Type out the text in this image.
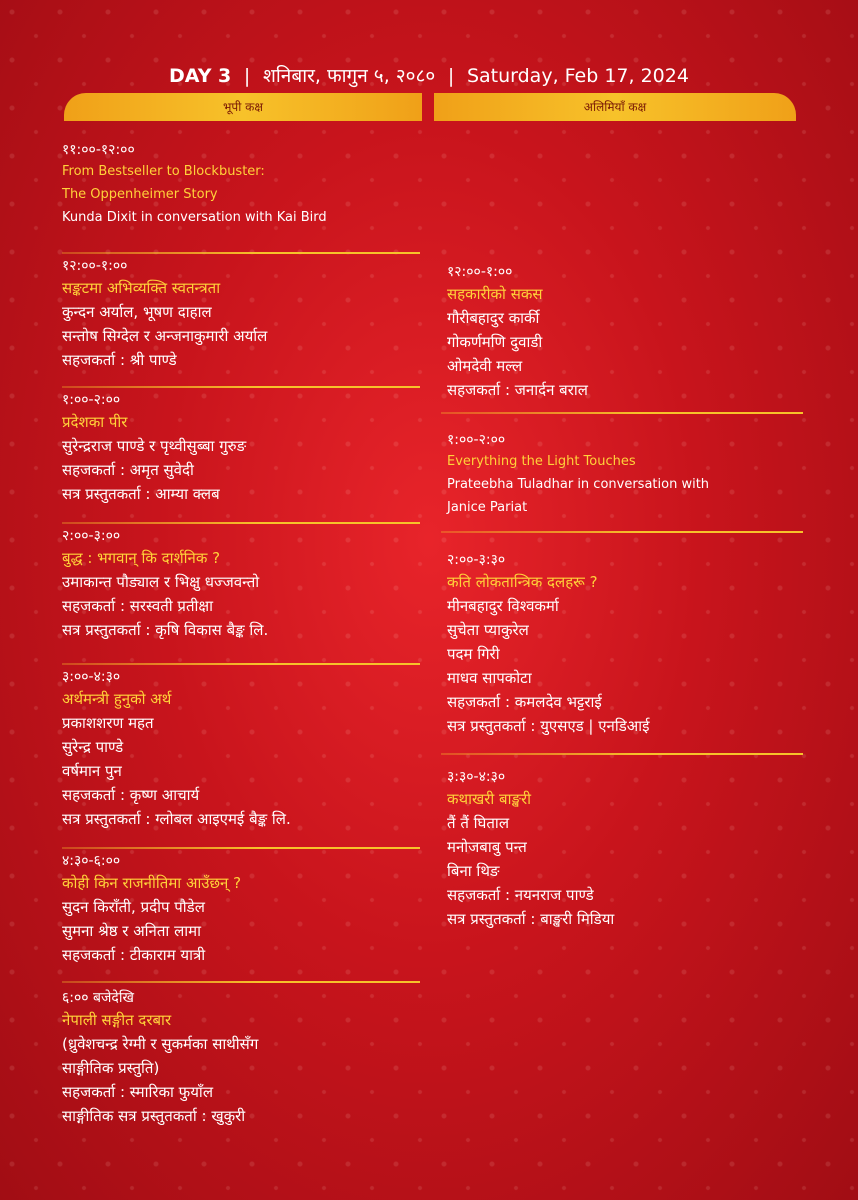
DAY 3 | शनिबार, फागुन ५, २०८० | Saturday, Feb 17, 2024
भूपी कक्ष	अलिमियाँ कक्ष
११:००-१२:००
From Bestseller to Blockbuster:
The Oppenheimer Story
Kunda Dixit in conversation with Kai Bird
१२:००-१:००
सङ्कटमा अभिव्यक्ति स्वतन्त्रता
कुन्दन अर्याल, भूषण दाहाल
सन्तोष सिग्देल र अन्जनाकुमारी अर्याल
सहजकर्ता : श्री पाण्डे
१:००-२:००
प्रदेशका पीर
सुरेन्द्रराज पाण्डे र पृथ्वीसुब्बा गुरुङ
सहजकर्ता : अमृत सुवेदी
सत्र प्रस्तुतकर्ता : आम्या क्लब
२:००-३:००
बुद्ध : भगवान् कि दार्शनिक ?
उमाकान्त पौड्याल र भिक्षु धज्जवन्तो
सहजकर्ता : सरस्वती प्रतीक्षा
सत्र प्रस्तुतकर्ता : कृषि विकास बैङ्क लि.
३:००-४:३०
अर्थमन्त्री हुनुको अर्थ
प्रकाशशरण महत
सुरेन्द्र पाण्डे
वर्षमान पुन
सहजकर्ता : कृष्ण आचार्य
सत्र प्रस्तुतकर्ता : ग्लोबल आइएमई बैङ्क लि.
४:३०-६:००
कोही किन राजनीतिमा आउँछन् ?
सुदन किराँती, प्रदीप पौडेल
सुमना श्रेष्ठ र अनिता लामा
सहजकर्ता : टीकाराम यात्री
६:०० बजेदेखि
नेपाली सङ्गीत दरबार
(ध्रुवेशचन्द्र रेग्मी र सुकर्मका साथीसँग
साङ्गीतिक प्रस्तुति)
सहजकर्ता : स्मारिका फुयाँल
साङ्गीतिक सत्र प्रस्तुतकर्ता : खुकुरी
१२:००-१:००
सहकारीको सकस
गौरीबहादुर कार्की
गोकर्णमणि दुवाडी
ओमदेवी मल्ल
सहजकर्ता : जनार्दन बराल
१:००-२:००
Everything the Light Touches
Prateebha Tuladhar in conversation with
Janice Pariat
२:००-३:३०
कति लोकतान्त्रिक दलहरू ?
मीनबहादुर विश्वकर्मा
सुचेता प्याकुरेल
पदम गिरी
माधव सापकोटा
सहजकर्ता : कमलदेव भट्टराई
सत्र प्रस्तुतकर्ता : युएसएड | एनडिआई
३:३०-४:३०
कथाखरी बाङ्खरी
तैं तैं घिताल
मनोजबाबु पन्त
बिना थिङ
सहजकर्ता : नयनराज पाण्डे
सत्र प्रस्तुतकर्ता : बाङ्खरी मिडिया
